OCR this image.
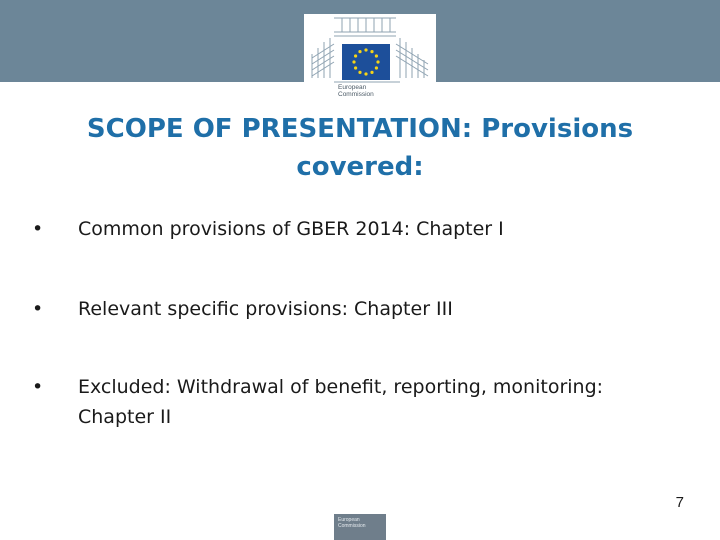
European
Commission
SCOPE OF PRESENTATION: Provisions covered:
• Common provisions of GBER 2014: Chapter I
• Relevant specific provisions: Chapter III
• Excluded: Withdrawal of benefit, reporting, monitoring: Chapter II
7
European Commission
